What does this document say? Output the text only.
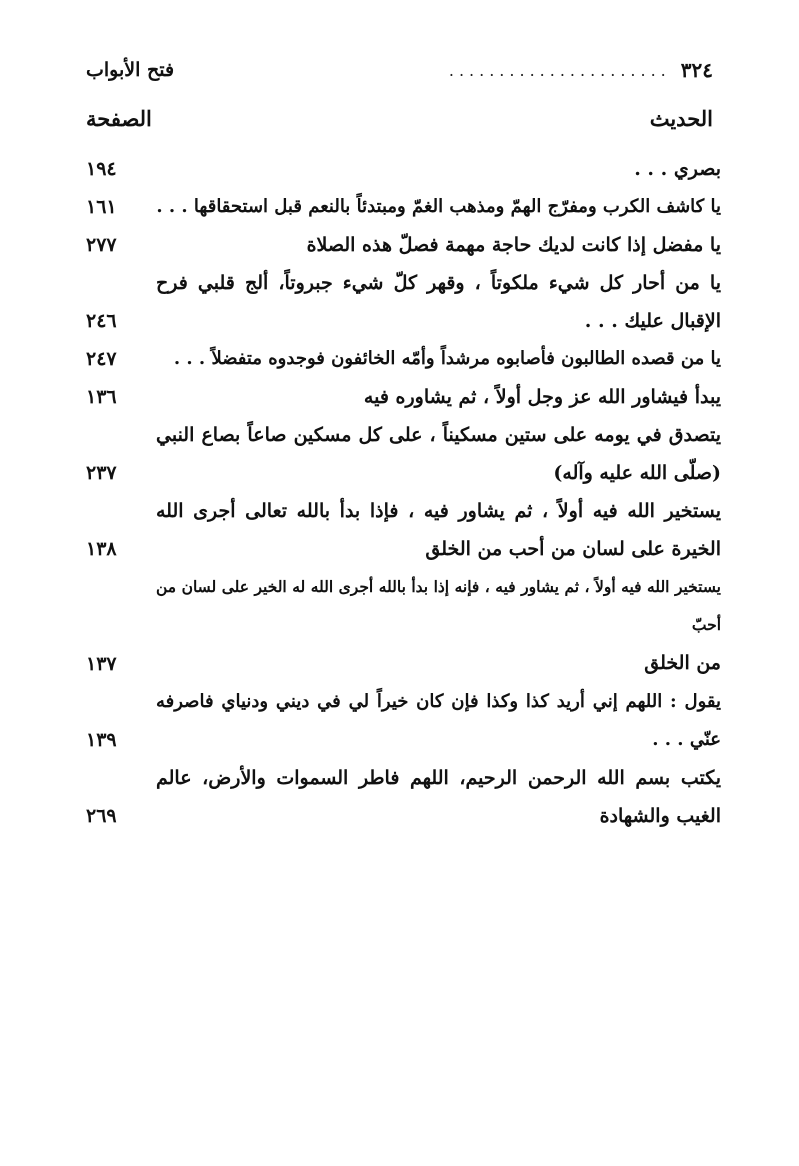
٣٢٤
......................
فتح الأبواب
الحديث
الصفحة
بصري . . .
١٩٤
يا كاشف الكرب ومفرّج الهمّ ومذهب الغمّ ومبتدئاً بالنعم قبل استحقاقها . . .
١٦١
يا مفضل إذا كانت لديك حاجة مهمة فصلّ هذه الصلاة
٢٧٧
يا من أحار كل شيء ملكوتاً ، وقهر كلّ شيء جبروتاً، ألج قلبي فرح الإقبال عليك . . .
٢٤٦
يا من قصده الطالبون فأصابوه مرشداً وأمّه الخائفون فوجدوه متفضلاً . . .
٢٤٧
يبدأ فيشاور الله عز وجل أولاً ، ثم يشاوره فيه
١٣٦
يتصدق في يومه على ستين مسكيناً ، على كل مسكين صاعاً بصاع النبي (صلّى الله عليه وآله)
٢٣٧
يستخير الله فيه أولاً ، ثم يشاور فيه ، فإذا بدأ بالله تعالى أجرى الله الخيرة على لسان من أحب من الخلق
١٣٨
يستخير الله فيه أولاً ، ثم يشاور فيه ، فإنه إذا بدأ بالله أجرى الله له الخير على لسان من أحبّ
من الخلق
١٣٧
يقول : اللهم إني أريد كذا وكذا فإن كان خيراً لي في ديني ودنياي فاصرفه عنّي . . .
١٣٩
يكتب بسم الله الرحمن الرحيم، اللهم فاطر السموات والأرض، عالم الغيب والشهادة
٢٦٩
